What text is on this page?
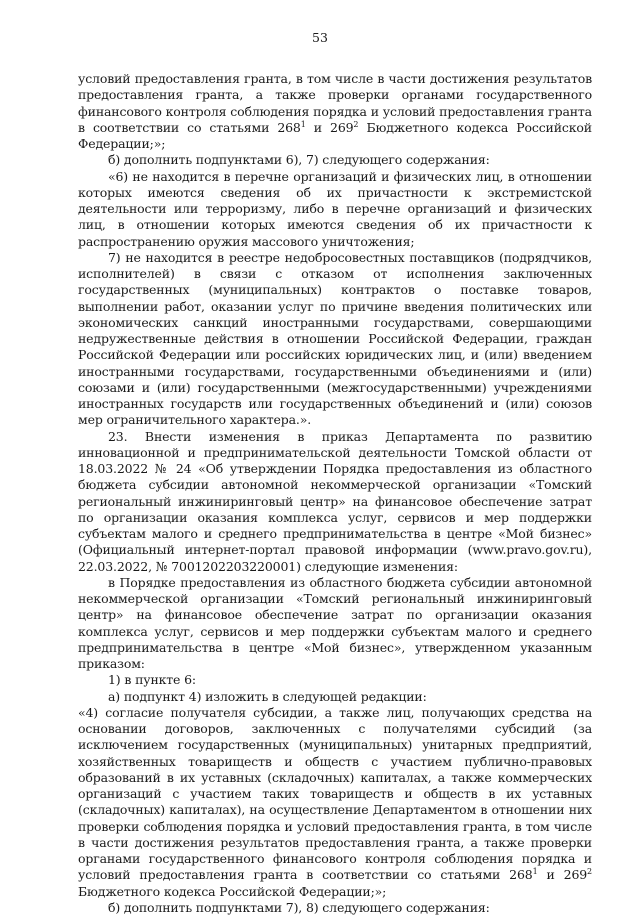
53

условий предоставления гранта, в том числе в части достижения результатов предоставления гранта, а также проверки органами государственного финансового контроля соблюдения порядка и условий предоставления гранта в соответствии со статьями $268^1$ и $269^2$ Бюджетного кодекса Российской Федерации;»;

б) дополнить подпунктами 6), 7) следующего содержания:

«6) не находится в перечне организаций и физических лиц, в отношении которых имеются сведения об их причастности к экстремистской деятельности или терроризму, либо в перечне организаций и физических лиц, в отношении которых имеются сведения об их причастности к распространению оружия массового уничтожения;

7) не находится в реестре недобросовестных поставщиков (подрядчиков, исполнителей) в связи с отказом от исполнения заключенных государственных (муниципальных) контрактов о поставке товаров, выполнении работ, оказании услуг по причине введения политических или экономических санкций иностранными государствами, совершающими недружественные действия в отношении Российской Федерации, граждан Российской Федерации или российских юридических лиц, и (или) введением иностранными государствами, государственными объединениями и (или) союзами и (или) государственными (межгосударственными) учреждениями иностранных государств или государственных объединений и (или) союзов мер ограничительного характера.».

23. Внести изменения в приказ Департамента по развитию инновационной и предпринимательской деятельности Томской области от 18.03.2022 № 24 «Об утверждении Порядка предоставления из областного бюджета субсидии автономной некоммерческой организации «Томский региональный инжиниринговый центр» на финансовое обеспечение затрат по организации оказания комплекса услуг, сервисов и мер поддержки субъектам малого и среднего предпринимательства в центре «Мой бизнес» (Официальный интернет-портал правовой информации (www.pravo.gov.ru), 22.03.2022, № 7001202203220001) следующие изменения:

в Порядке предоставления из областного бюджета субсидии автономной некоммерческой организации «Томский региональный инжиниринговый центр» на финансовое обеспечение затрат по организации оказания комплекса услуг, сервисов и мер поддержки субъектам малого и среднего предпринимательства в центре «Мой бизнес», утвержденном указанным приказом:

1) в пункте 6:

а) подпункт 4) изложить в следующей редакции:

«4) согласие получателя субсидии, а также лиц, получающих средства на основании договоров, заключенных с получателями субсидий (за исключением государственных (муниципальных) унитарных предприятий, хозяйственных товариществ и обществ с участием публично-правовых образований в их уставных (складочных) капиталах, а также коммерческих организаций с участием таких товариществ и обществ в их уставных (складочных) капиталах), на осуществление Департаментом в отношении них проверки соблюдения порядка и условий предоставления гранта, в том числе в части достижения результатов предоставления гранта, а также проверки органами государственного финансового контроля соблюдения порядка и условий предоставления гранта в соответствии со статьями $268^1$ и $269^2$ Бюджетного кодекса Российской Федерации;»;

б) дополнить подпунктами 7), 8) следующего содержания:
